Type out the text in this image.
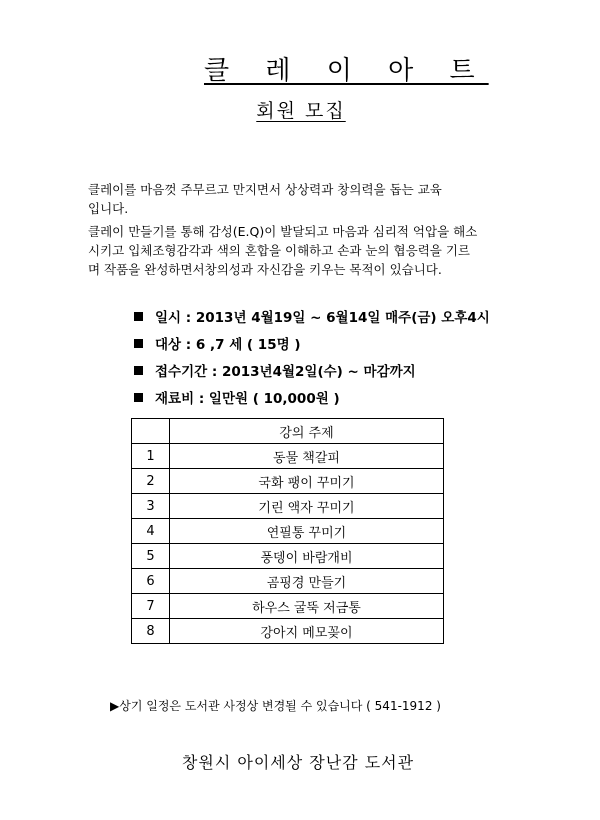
클 레 이 아 트
회원 모집
클레이를 마음껏 주무르고 만지면서 상상력과 창의력을 돕는 교육
입니다.
클레이 만들기를 통해 감성(E.Q)이 발달되고 마음과 심리적 억압을 해소
시키고 입체조형감각과 색의 혼합을 이해하고 손과 눈의 협응력을 기르
며 작품을 완성하면서창의성과 자신감을 키우는 목적이 있습니다.
일시 : 2013년 4월19일 ~ 6월14일 매주(금) 오후4시
대상 : 6 ,7 세 ( 15명 )
접수기간 : 2013년4월2일(수) ~ 마감까지
재료비 : 일만원 ( 10,000원 )
	강의 주제
1	동물 책갈피
2	국화 팽이 꾸미기
3	기린 액자 꾸미기
4	연필통 꾸미기
5	풍뎅이 바람개비
6	곰핑경 만들기
7	하우스 굴뚝 저금통
8	강아지 메모꽂이
▶상기 일정은 도서관 사정상 변경될 수 있습니다 ( 541-1912 )
창원시 아이세상 장난감 도서관
